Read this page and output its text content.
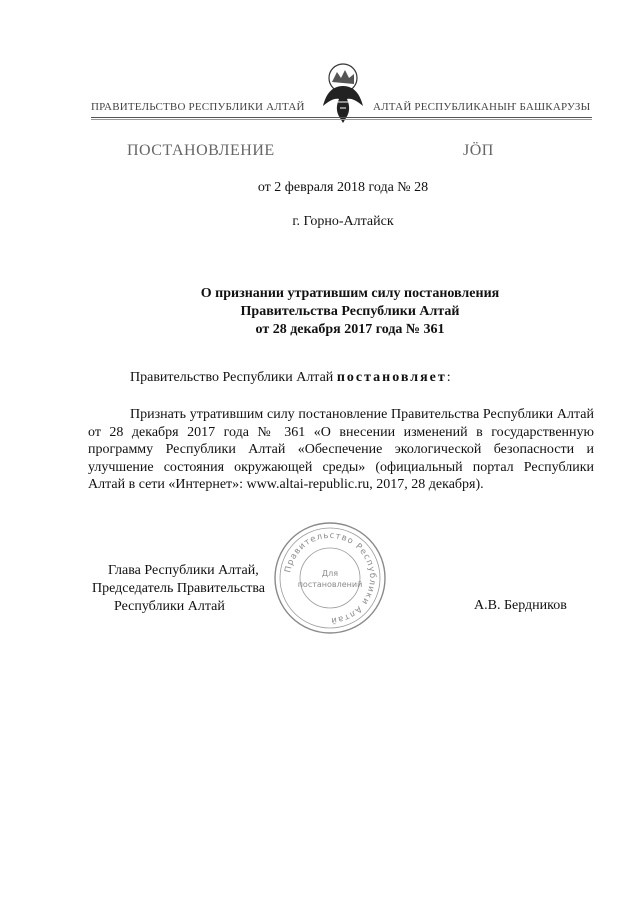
ПРАВИТЕЛЬСТВО РЕСПУБЛИКИ АЛТАЙ	АЛТАЙ РЕСПУБЛИКАНЫҤ БАШКАРУЗЫ
ПОСТАНОВЛЕНИЕ	ЈÖП
от 2 февраля 2018 года № 28
г. Горно-Алтайск
О признании утратившим силу постановления
Правительства Республики Алтай
от 28 декабря 2017 года № 361
Правительство Республики Алтай постановляет:
Признать утратившим силу постановление Правительства Республики Алтай от 28 декабря 2017 года № 361 «О внесении изменений в государственную программу Республики Алтай «Обеспечение экологической безопасности и улучшение состояния окружающей среды» (официальный портал Республики Алтай в сети «Интернет»: www.altai-republic.ru, 2017, 28 декабря).
Глава Республики Алтай,
Председатель Правительства
Республики Алтай	А.В. Бердников
Правительство Республики Алтай
Для
постановлений
